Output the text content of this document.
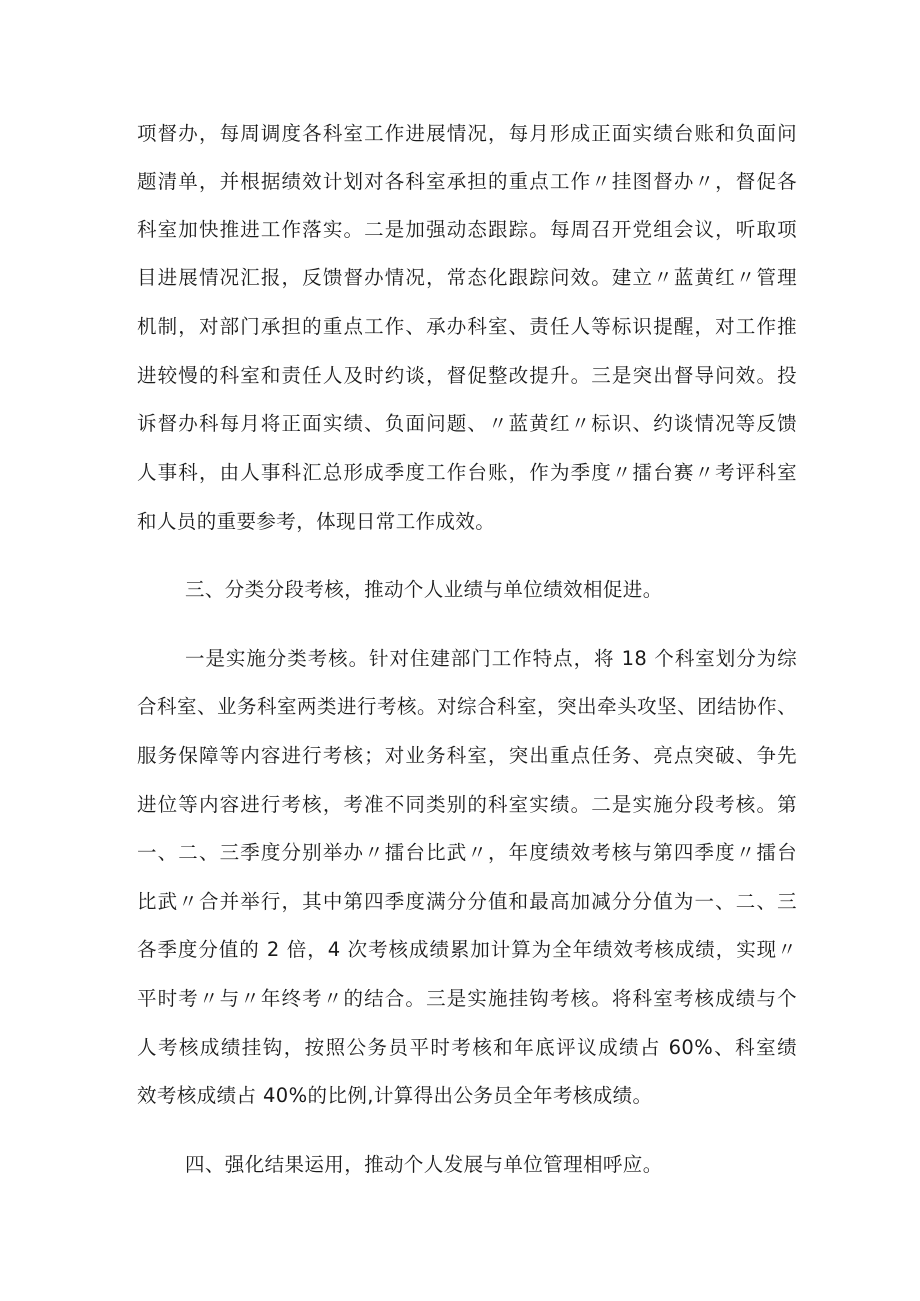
项督办，每周调度各科室工作进展情况，每月形成正面实绩台账和负面问

题清单，并根据绩效计划对各科室承担的重点工作〃挂图督办〃，督促各

科室加快推进工作落实。二是加强动态跟踪。每周召开党组会议，听取项

目进展情况汇报，反馈督办情况，常态化跟踪问效。建立〃蓝黄红〃管理

机制，对部门承担的重点工作、承办科室、责任人等标识提醒，对工作推

进较慢的科室和责任人及时约谈，督促整改提升。三是突出督导问效。投

诉督办科每月将正面实绩、负面问题、〃蓝黄红〃标识、约谈情况等反馈

人事科，由人事科汇总形成季度工作台账，作为季度〃擂台赛〃考评科室

和人员的重要参考，体现日常工作成效。

三、分类分段考核，推动个人业绩与单位绩效相促进。

一是实施分类考核。针对住建部门工作特点，将 18 个科室划分为综

合科室、业务科室两类进行考核。对综合科室，突出牵头攻坚、团结协作、

服务保障等内容进行考核；对业务科室，突出重点任务、亮点突破、争先

进位等内容进行考核，考准不同类别的科室实绩。二是实施分段考核。第

一、二、三季度分别举办〃擂台比武〃，年度绩效考核与第四季度〃擂台

比武〃合并举行，其中第四季度满分分值和最高加减分分值为一、二、三

各季度分值的 2 倍，4 次考核成绩累加计算为全年绩效考核成绩，实现〃

平时考〃与〃年终考〃的结合。三是实施挂钩考核。将科室考核成绩与个

人考核成绩挂钩，按照公务员平时考核和年底评议成绩占 60%、科室绩

效考核成绩占 40%的比例,计算得出公务员全年考核成绩。

四、强化结果运用，推动个人发展与单位管理相呼应。
